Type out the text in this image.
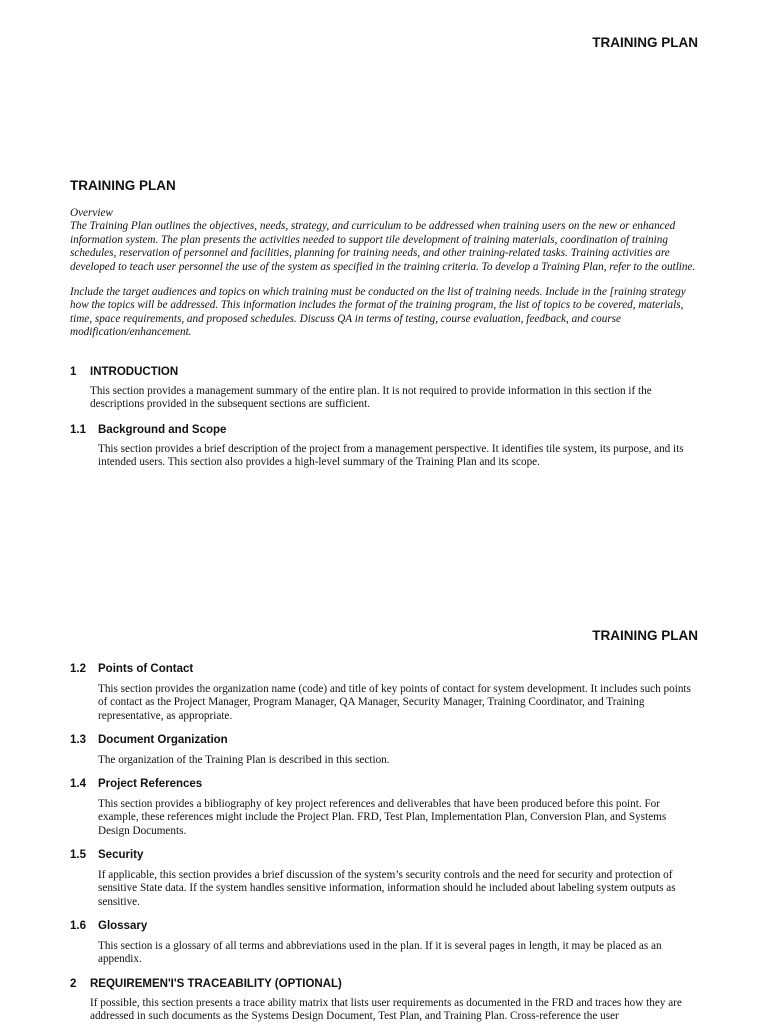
TRAINING PLAN
TRAINING PLAN
Overview

The Training Plan outlines the objectives, needs, strategy, and curriculum to be addressed when training users on the new or enhanced information system. The plan presents the activities needed to support tile development of training materials, coordination of training schedules, reservation of personnel and facilities, planning for training needs, and other training-related tasks. Training activities are developed to teach user personnel the use of the system as specified in the training criteria. To develop a Training Plan, refer to the outline.

Include the target audiences and topics on which training must be conducted on the list of training needs. Include in the [raining strategy how the topics will be addressed. This information includes the format of the training program, the list of topics to be covered, materials, time, space requirements, and proposed schedules. Discuss QA in terms of testing, course evaluation, feedback, and course modification/enhancement.

1 INTRODUCTION
This section provides a management summary of the entire plan. It is not required to provide information in this section if the descriptions provided in the subsequent sections are sufficient.
1.1 Background and Scope
This section provides a brief description of the project from a management perspective. It identifies tile system, its purpose, and its intended users. This section also provides a high-level summary of the Training Plan and its scope.
TRAINING PLAN
1.2 Points of Contact
This section provides the organization name (code) and title of key points of contact for system development. It includes such points of contact as the Project Manager, Program Manager, QA Manager, Security Manager, Training Coordinator, and Training representative, as appropriate.
1.3 Document Organization
The organization of the Training Plan is described in this section.
1.4 Project References
This section provides a bibliography of key project references and deliverables that have been produced before this point. For example, these references might include the Project Plan. FRD, Test Plan, Implementation Plan, Conversion Plan, and Systems Design Documents.
1.5 Security
If applicable, this section provides a brief discussion of the system’s security controls and the need for security and protection of sensitive State data. If the system handles sensitive information, information should he included about labeling system outputs as sensitive.
1.6 Glossary
This section is a glossary of all terms and abbreviations used in the plan. If it is several pages in length, it may be placed as an appendix.
2 REQUIREMEN'I'S TRACEABILITY (OPTIONAL)
If possible, this section presents a trace ability matrix that lists user requirements as documented in the FRD and traces how they are addressed in such documents as the Systems Design Document, Test Plan, and Training Plan. Cross-reference the user
